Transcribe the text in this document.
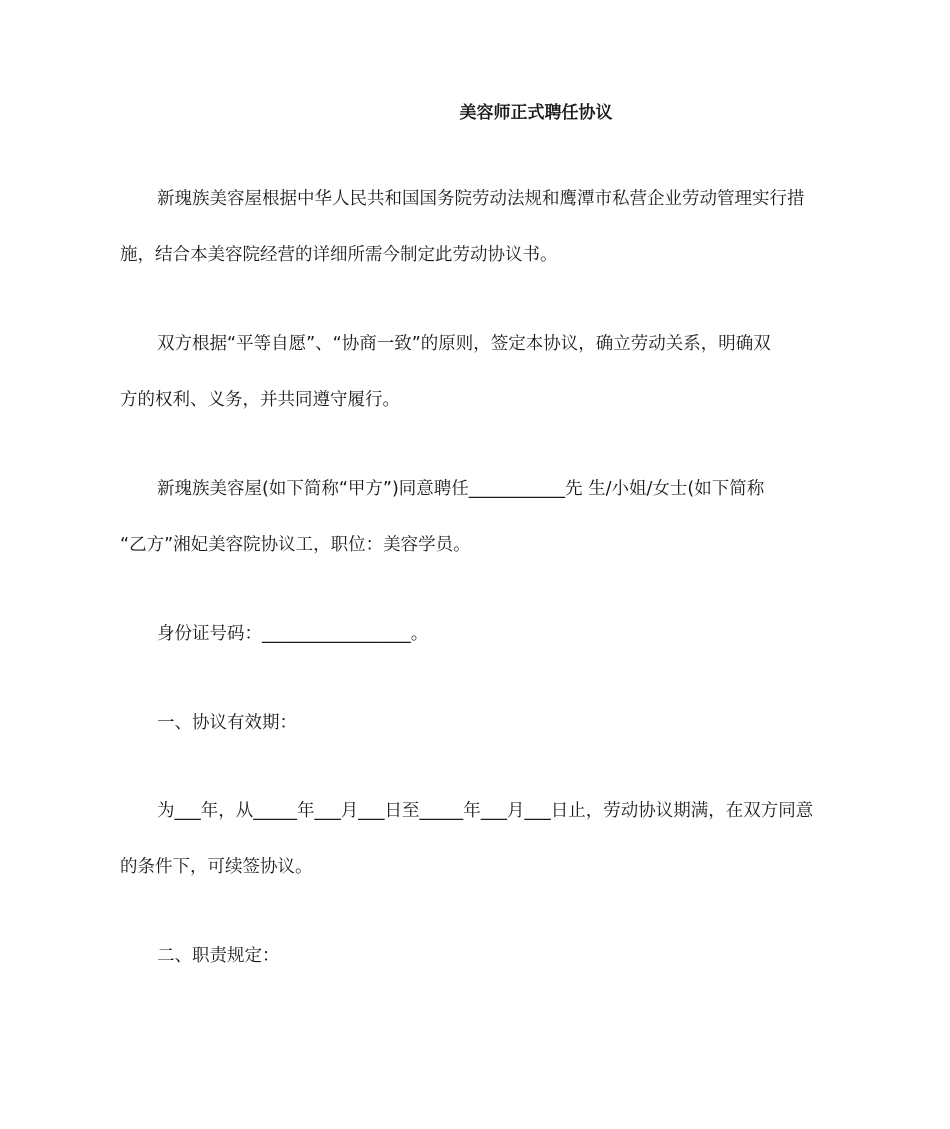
美容师正式聘任协议
新瑰族美容屋根据中华人民共和国国务院劳动法规和鹰潭市私营企业劳动管理实行措
施，结合本美容院经营的详细所需今制定此劳动协议书。
双方根据“平等自愿”、“协商一致”的原则，签定本协议，确立劳动关系，明确双
方的权利、义务，并共同遵守履行。
新瑰族美容屋(如下简称“甲方”)同意聘任___________先 生/小姐/女士(如下简称
“乙方”湘妃美容院协议工，职位：美容学员。
身份证号码：_________________。
一、协议有效期：
为___年，从_____年___月___日至_____年___月___日止，劳动协议期满，在双方同意
的条件下，可续签协议。
二、职责规定：
